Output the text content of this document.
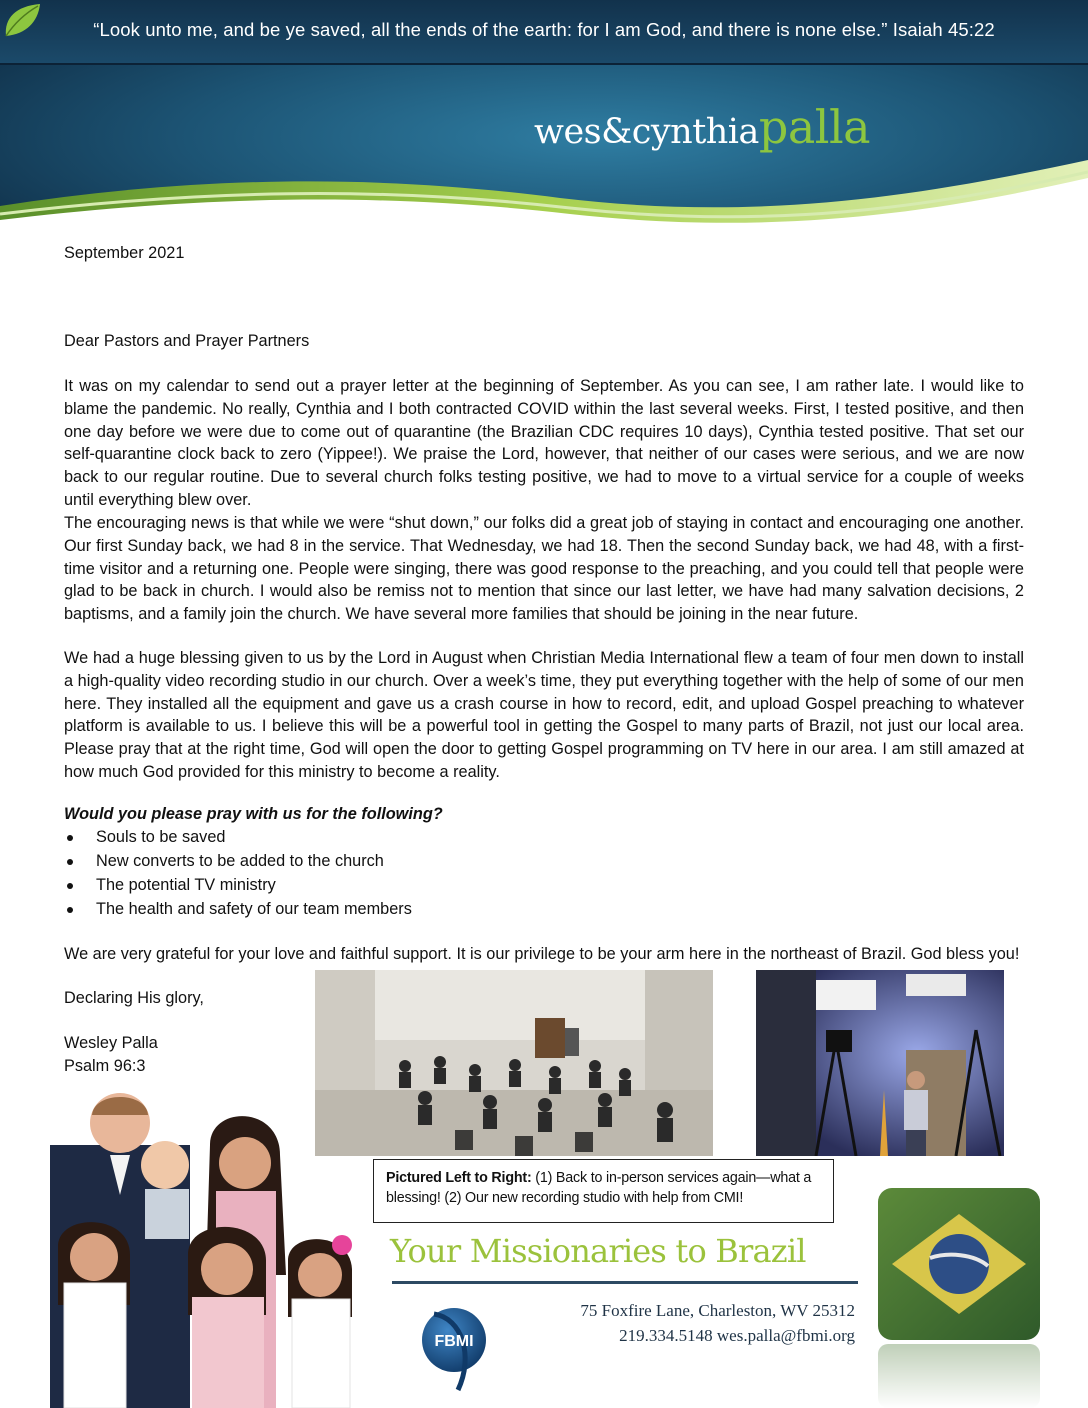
“Look unto me, and be ye saved, all the ends of the earth: for I am God, and there is none else.” Isaiah 45:22
wes&cynthiapalla
September 2021
Dear Pastors and Prayer Partners

It was on my calendar to send out a prayer letter at the beginning of September. As you can see, I am rather late. I would like to blame the pandemic. No really, Cynthia and I both contracted COVID within the last several weeks. First, I tested positive, and then one day before we were due to come out of quarantine (the Brazilian CDC requires 10 days), Cynthia tested positive. That set our self-quarantine clock back to zero (Yippee!). We praise the Lord, however, that neither of our cases were serious, and we are now back to our regular routine. Due to several church folks testing positive, we had to move to a virtual service for a couple of weeks until everything blew over.

The encouraging news is that while we were “shut down,” our folks did a great job of staying in contact and encouraging one another. Our first Sunday back, we had 8 in the service. That Wednesday, we had 18. Then the second Sunday back, we had 48, with a first-time visitor and a returning one. People were singing, there was good response to the preaching, and you could tell that people were glad to be back in church. I would also be remiss not to mention that since our last letter, we have had many salvation decisions, 2 baptisms, and a family join the church. We have several more families that should be joining in the near future.

We had a huge blessing given to us by the Lord in August when Christian Media International flew a team of four men down to install a high-quality video recording studio in our church. Over a week’s time, they put everything together with the help of some of our men here. They installed all the equipment and gave us a crash course in how to record, edit, and upload Gospel preaching to whatever platform is available to us. I believe this will be a powerful tool in getting the Gospel to many parts of Brazil, not just our local area. Please pray that at the right time, God will open the door to getting Gospel programming on TV here in our area. I am still amazed at how much God provided for this ministry to become a reality.

Would you please pray with us for the following?
Souls to be saved
New converts to be added to the church
The potential TV ministry
The health and safety of our team members

We are very grateful for your love and faithful support. It is our privilege to be your arm here in the northeast of Brazil. God bless you!

Declaring His glory,
Wesley Palla
Psalm 96:3
Pictured Left to Right: (1) Back to in-person services again—what a blessing! (2) Our new recording studio with help from CMI!
Your Missionaries to Brazil
FBMI
75 Foxfire Lane, Charleston, WV 25312
219.334.5148 wes.palla@fbmi.org
